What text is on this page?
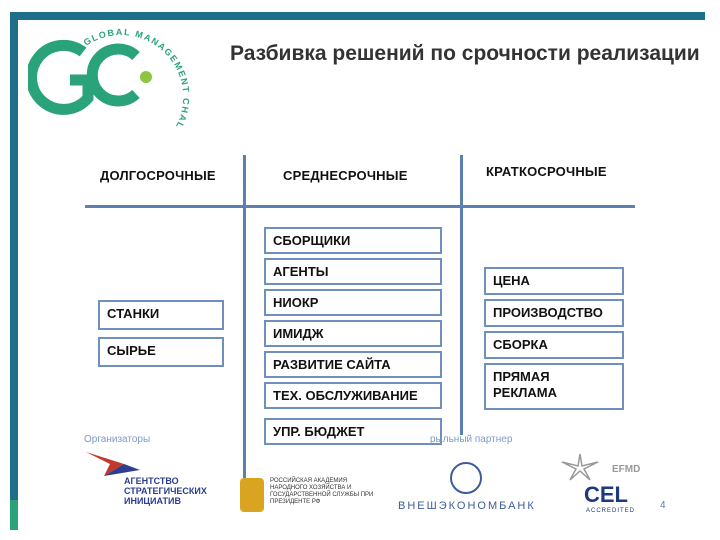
GLOBAL MANAGEMENT CHAL
Разбивка решений по срочности реализации
ДОЛГОСРОЧНЫЕ	СРЕДНЕСРОЧНЫЕ	КРАТКОСРОЧНЫЕ
СТАНКИ
СЫРЬЕ
СБОРЩИКИ
АГЕНТЫ
НИОКР
ИМИДЖ
РАЗВИТИЕ САЙТА
ТЕХ. ОБСЛУЖИВАНИЕ
УПР. БЮДЖЕТ
ЦЕНА
ПРОИЗВОДСТВО
СБОРКА
ПРЯМАЯ РЕКЛАМА
Организаторы	рыльный партнер
АГЕНТСТВО СТРАТЕГИЧЕСКИХ ИНИЦИАТИВ
РОССИЙСКАЯ АКАДЕМИЯ НАРОДНОГО ХОЗЯЙСТВА И ГОСУДАРСТВЕННОЙ СЛУЖБЫ ПРИ ПРЕЗИДЕНТЕ РФ	ВНЕШЭКОНОМБАНК
EFMD
CEL
ACCREDITED 4
